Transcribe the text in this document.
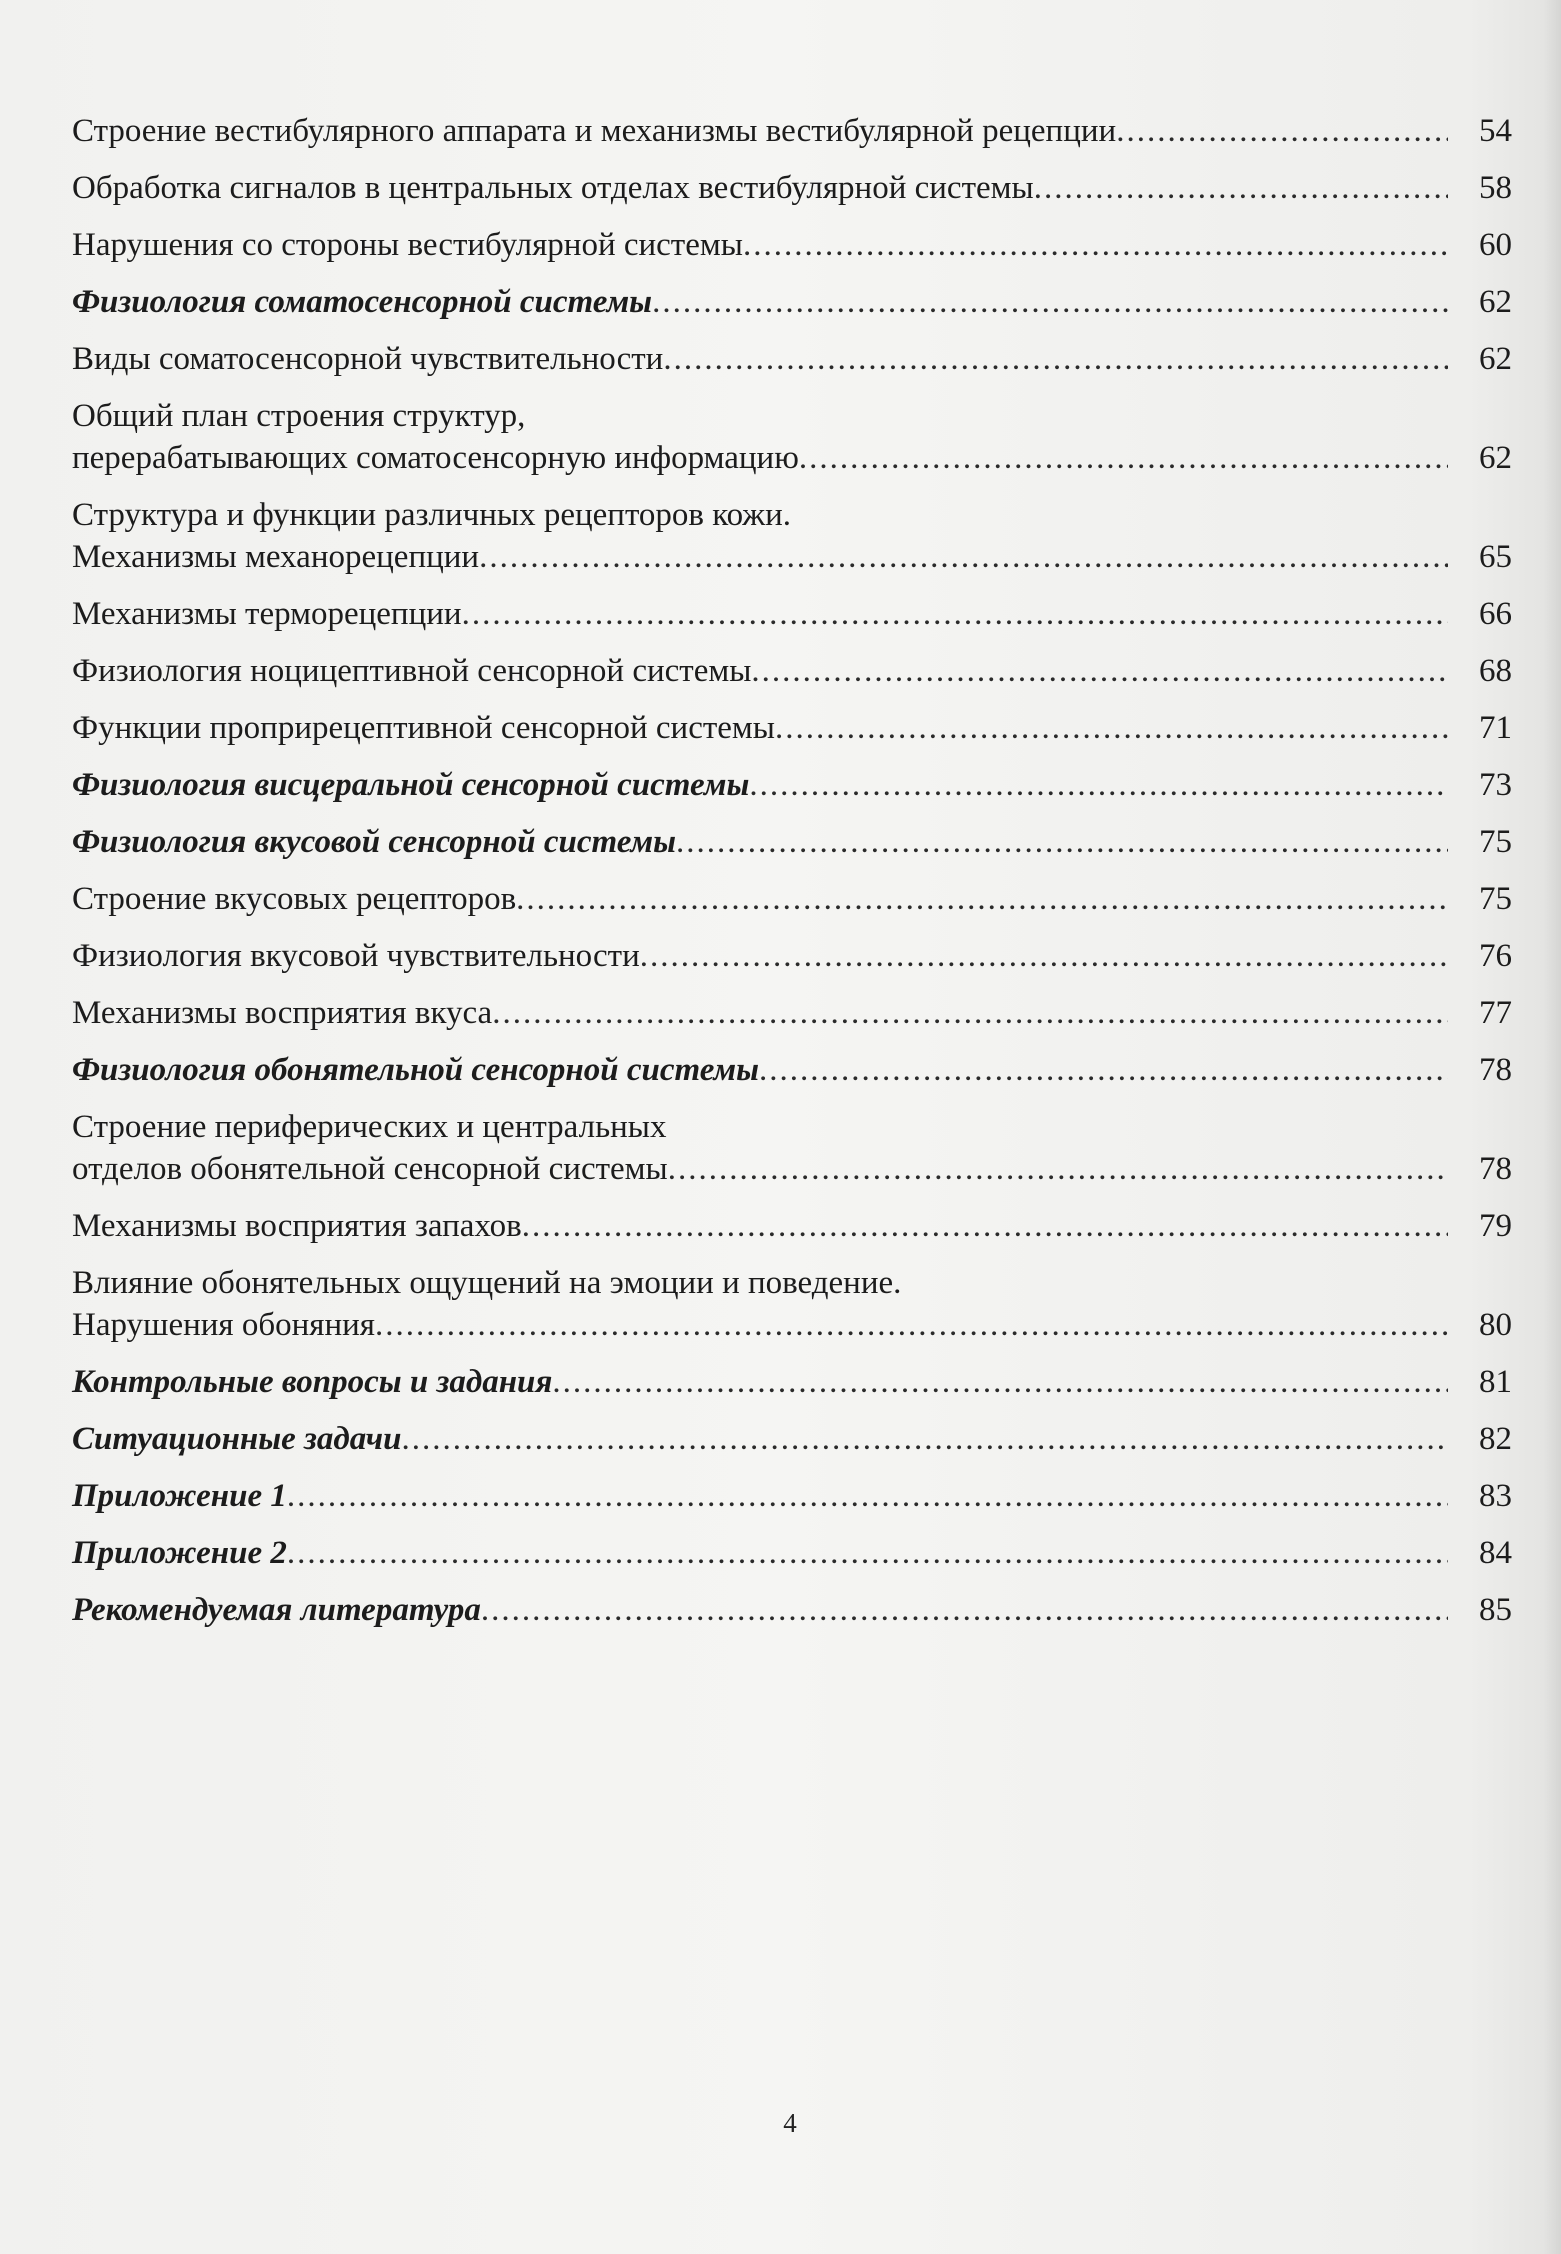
Строение вестибулярного аппарата и механизмы вестибулярной рецепции .....	54
Обработка сигналов в центральных отделах вестибулярной системы .....	58
Нарушения со стороны вестибулярной системы .....	60
Физиология соматосенсорной системы .....	62
Виды соматосенсорной чувствительности .....	62
Общий план строения структур,
перерабатывающих соматосенсорную информацию .....	62
Структура и функции различных рецепторов кожи.
Механизмы механорецепции .....	65
Механизмы терморецепции .....	66
Физиология ноцицептивной сенсорной системы .....	68
Функции проприрецептивной сенсорной системы .....	71
Физиология висцеральной сенсорной системы .....	73
Физиология вкусовой сенсорной системы .....	75
Строение вкусовых рецепторов .....	75
Физиология вкусовой чувствительности .....	76
Механизмы восприятия вкуса .....	77
Физиология обонятельной сенсорной системы .....	78
Строение периферических и центральных
отделов обонятельной сенсорной системы .....	78
Механизмы восприятия запахов .....	79
Влияние обонятельных ощущений на эмоции и поведение.
Нарушения обоняния .....	80
Контрольные вопросы и задания .....	81
Ситуационные задачи .....	82
Приложение 1 .....	83
Приложение 2 .....	84
Рекомендуемая литература .....	85
4
